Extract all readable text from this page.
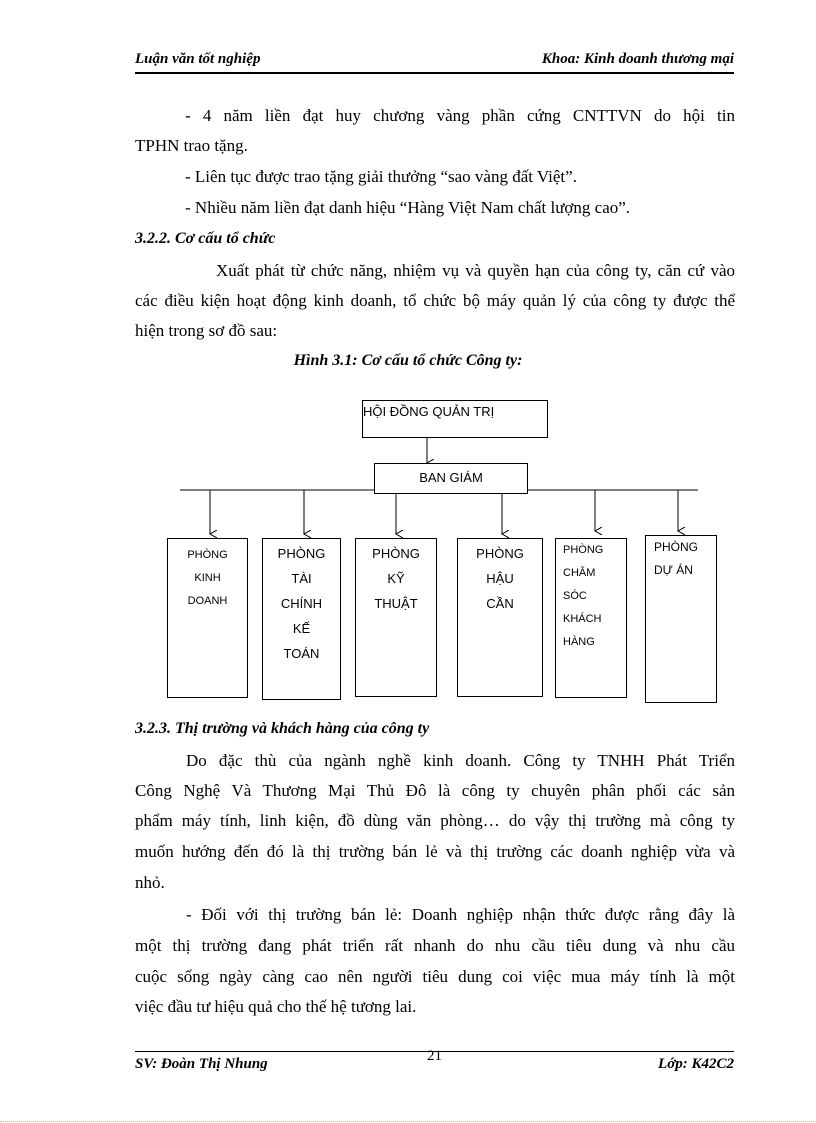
Luận văn tốt nghiệp	Khoa: Kinh doanh thương mại
- 4 năm liền đạt huy chương vàng phần cứng CNTTVN do hội tin
TPHN trao tặng.
- Liên tục được trao tặng giải thưởng “sao vàng đất Việt”.
- Nhiều năm liền đạt danh hiệu “Hàng Việt Nam chất lượng cao”.
3.2.2. Cơ cấu tổ chức
Xuất phát từ chức năng, nhiệm vụ và quyền hạn của công ty, căn cứ vào
các điều kiện hoạt động kinh doanh, tổ chức bộ máy quản lý của công ty được thể
hiện trong sơ đồ sau:
Hình 3.1: Cơ cấu tổ chức Công ty:
HỘI ĐỒNG QUẢN TRỊ
BAN GIÁM
PHÒNG
KINH
DOANH
PHÒNG
TÀI
CHÍNH
KẾ
TOÁN
PHÒNG
KỸ
THUẬT
PHÒNG
HẬU
CẦN
PHÒNG
CHĂM
SÓC
KHÁCH
HÀNG
PHÒNG
DỰ ÁN
3.2.3. Thị trường và khách hàng của công ty
Do đặc thù của ngành nghề kinh doanh. Công ty TNHH Phát Triển
Công Nghệ Và Thương Mại Thủ Đô là công ty chuyên phân phối các sản
phẩm máy tính, linh kiện, đồ dùng văn phòng… do vậy thị trường mà công ty
muốn hướng đến đó là thị trường bán lẻ và thị trường các doanh nghiệp vừa và
nhỏ.
- Đối với thị trường bán lẻ: Doanh nghiệp nhận thức được rằng đây là
một thị trường đang phát triển rất nhanh do nhu cầu tiêu dung và nhu cầu
cuộc sống ngày càng cao nên người tiêu dung coi việc mua máy tính là một
việc đầu tư hiệu quả cho thế hệ tương lai.
SV: Đoàn Thị Nhung	21	Lớp: K42C2
